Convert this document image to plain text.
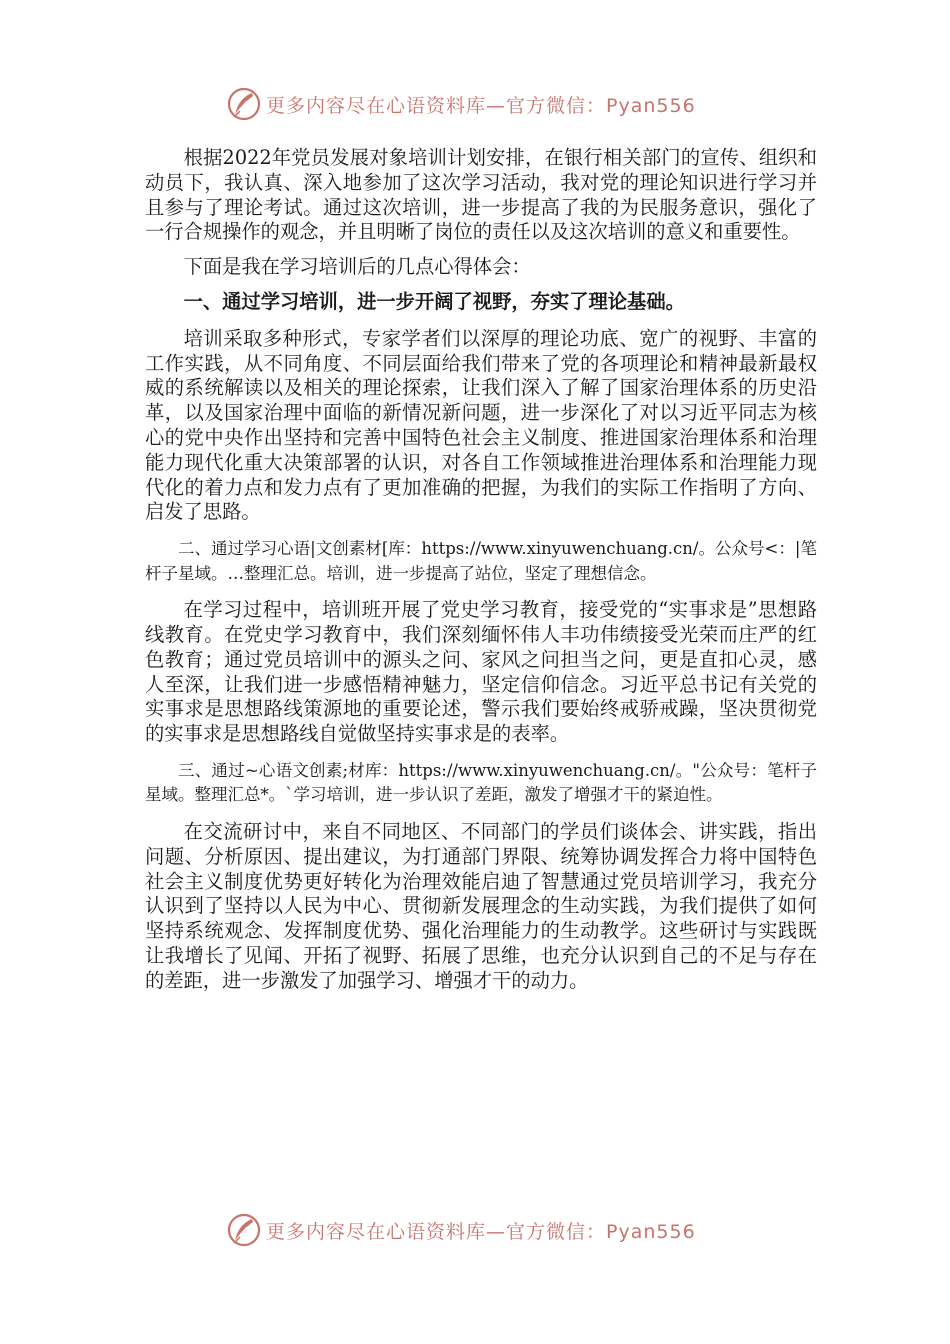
更多内容尽在心语资料库—官方微信：Pyan556

根据2022年党员发展对象培训计划安排，在银行相关部门的宣传、组织和动员下，我认真、深入地参加了这次学习活动，我对党的理论知识进行学习并且参与了理论考试。通过这次培训，进一步提高了我的为民服务意识，强化了一行合规操作的观念，并且明晰了岗位的责任以及这次培训的意义和重要性。

下面是我在学习培训后的几点心得体会：

一、通过学习培训，进一步开阔了视野，夯实了理论基础。

培训采取多种形式，专家学者们以深厚的理论功底、宽广的视野、丰富的工作实践，从不同角度、不同层面给我们带来了党的各项理论和精神最新最权威的系统解读以及相关的理论探索，让我们深入了解了国家治理体系的历史沿革，以及国家治理中面临的新情况新问题，进一步深化了对以习近平同志为核心的党中央作出坚持和完善中国特色社会主义制度、推进国家治理体系和治理能力现代化重大决策部署的认识，对各自工作领域推进治理体系和治理能力现代化的着力点和发力点有了更加准确的把握，为我们的实际工作指明了方向、启发了思路。

二、通过学习心语|文创素材[库：https://www.xinyuwenchuang.cn/。公众号<：|笔杆子星域。…整理汇总。培训，进一步提高了站位，坚定了理想信念。

在学习过程中，培训班开展了党史学习教育，接受党的“实事求是”思想路线教育。在党史学习教育中，我们深刻缅怀伟人丰功伟绩接受光荣而庄严的红色教育；通过党员培训中的源头之问、家风之问担当之问，更是直扣心灵，感人至深，让我们进一步感悟精神魅力，坚定信仰信念。习近平总书记有关党的实事求是思想路线策源地的重要论述，警示我们要始终戒骄戒躁，坚决贯彻党的实事求是思想路线自觉做坚持实事求是的表率。

三、通过~心语文创素;材库：https://www.xinyuwenchuang.cn/。"公众号：笔杆子星域。整理汇总*。`学习培训，进一步认识了差距，激发了增强才干的紧迫性。

在交流研讨中，来自不同地区、不同部门的学员们谈体会、讲实践，指出问题、分析原因、提出建议，为打通部门界限、统筹协调发挥合力将中国特色社会主义制度优势更好转化为治理效能启迪了智慧通过党员培训学习，我充分认识到了坚持以人民为中心、贯彻新发展理念的生动实践，为我们提供了如何坚持系统观念、发挥制度优势、强化治理能力的生动教学。这些研讨与实践既让我增长了见闻、开拓了视野、拓展了思维，也充分认识到自己的不足与存在的差距，进一步激发了加强学习、增强才干的动力。

更多内容尽在心语资料库—官方微信：Pyan556
